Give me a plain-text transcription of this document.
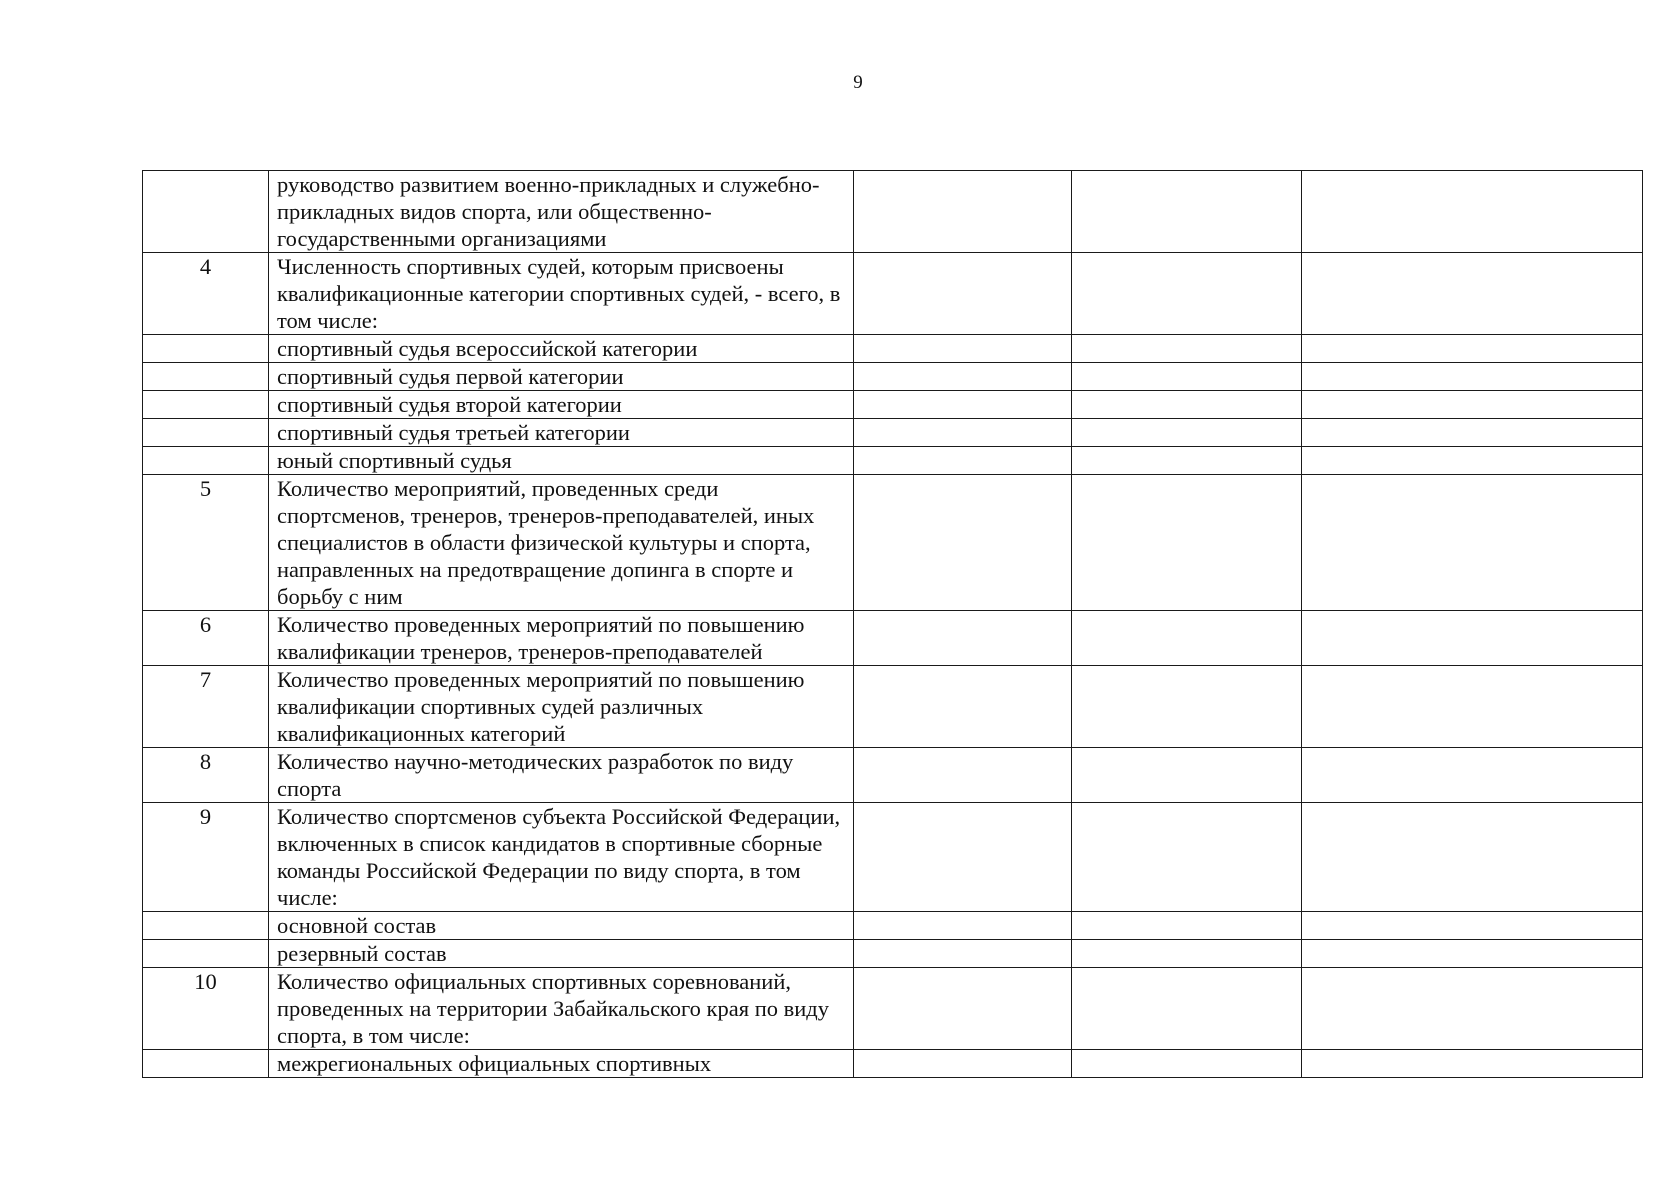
9
	руководство развитием военно-прикладных и служебно-прикладных видов спорта, или общественно-государственными организациями			
4	Численность спортивных судей, которым присвоены квалификационные категории спортивных судей, - всего, в том числе:			
	спортивный судья всероссийской категории			
	спортивный судья первой категории			
	спортивный судья второй категории			
	спортивный судья третьей категории			
	юный спортивный судья			
5	Количество мероприятий, проведенных среди спортсменов, тренеров, тренеров-преподавателей, иных специалистов в области физической культуры и спорта, направленных на предотвращение допинга в спорте и борьбу с ним			
6	Количество проведенных мероприятий по повышению квалификации тренеров, тренеров-преподавателей			
7	Количество проведенных мероприятий по повышению квалификации спортивных судей различных квалификационных категорий			
8	Количество научно-методических разработок по виду спорта			
9	Количество спортсменов субъекта Российской Федерации, включенных в список кандидатов в спортивные сборные команды Российской Федерации по виду спорта, в том числе:			
	основной состав			
	резервный состав			
10	Количество официальных спортивных соревнований, проведенных на территории Забайкальского края по виду спорта, в том числе:			
	межрегиональных официальных спортивных			
